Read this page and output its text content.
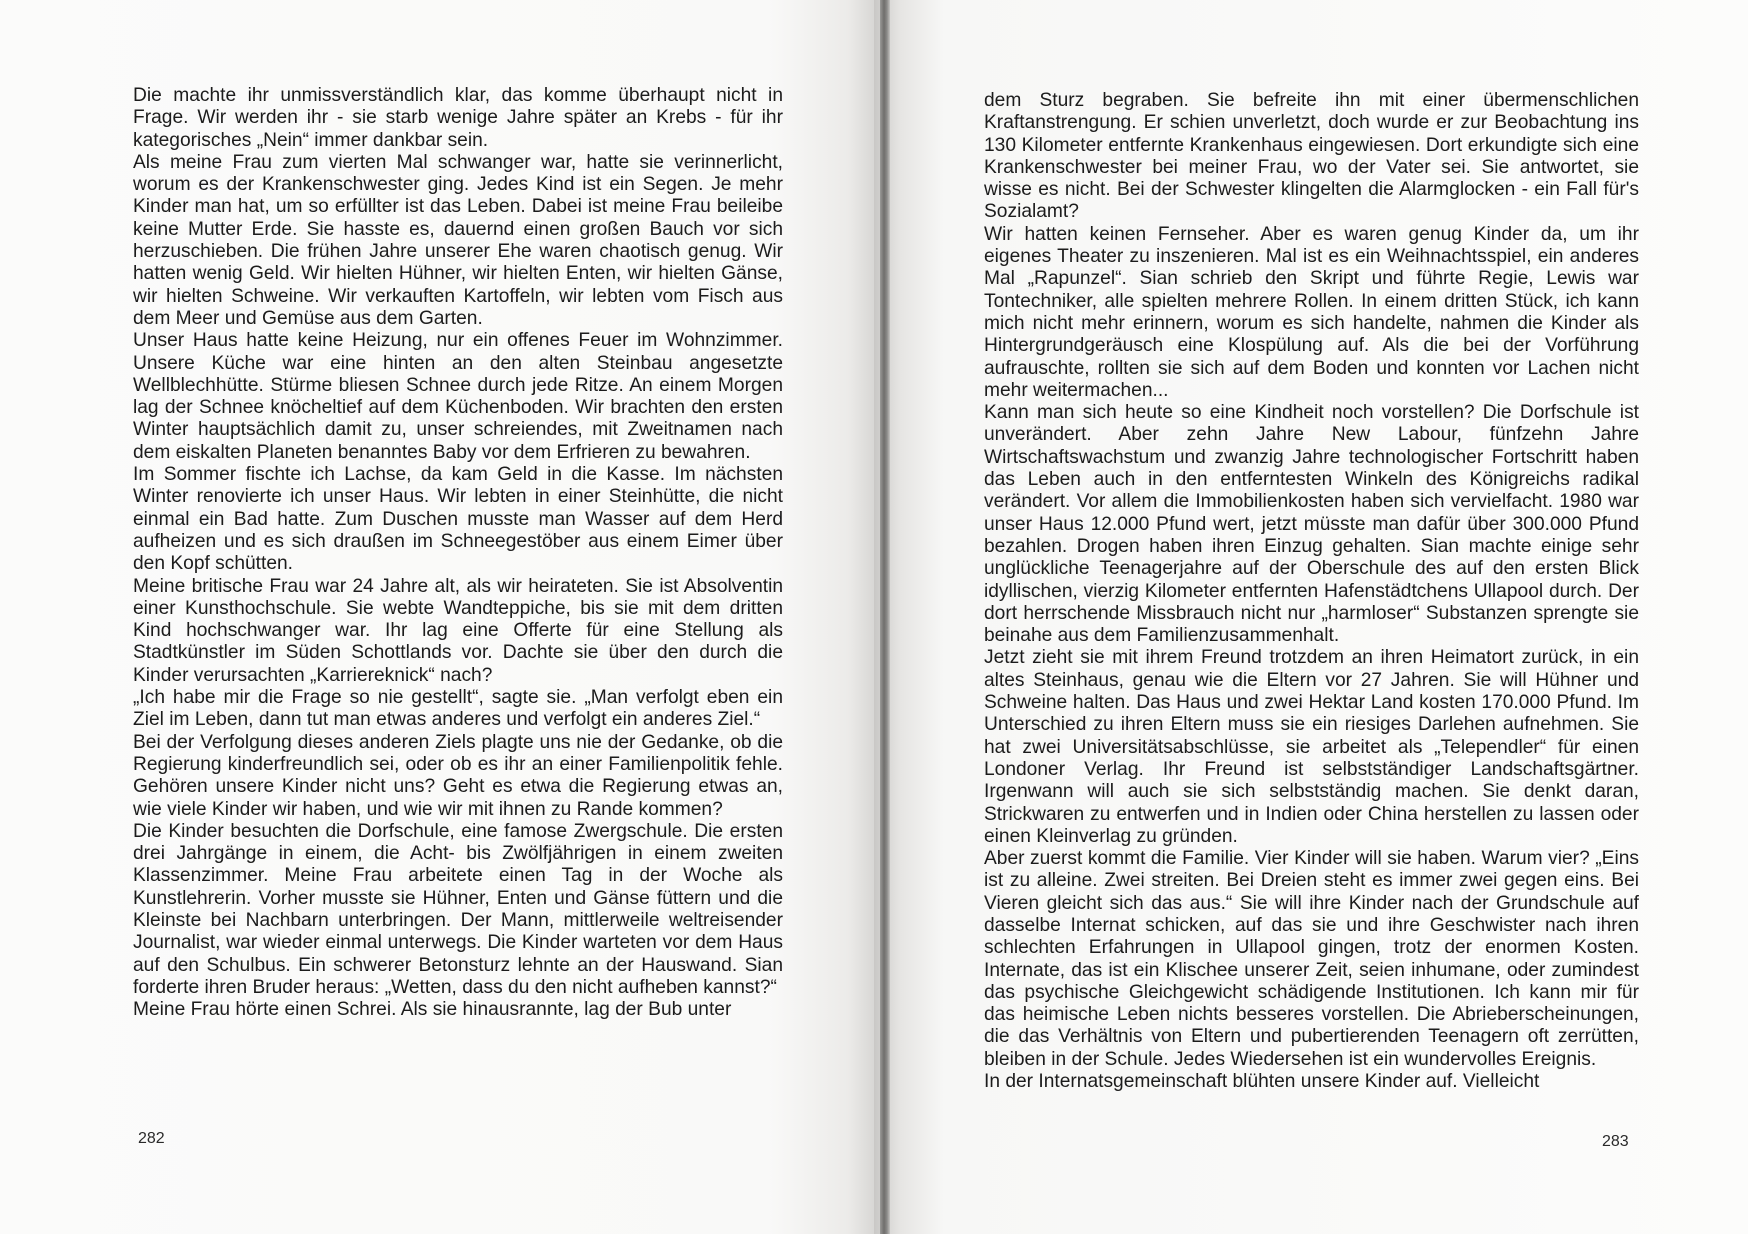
Die machte ihr unmissverständlich klar, das komme überhaupt nicht in Frage. Wir werden ihr - sie starb wenige Jahre später an Krebs - für ihr kategorisches „Nein“ immer dankbar sein.

Als meine Frau zum vierten Mal schwanger war, hatte sie verinnerlicht, worum es der Krankenschwester ging. Jedes Kind ist ein Segen. Je mehr Kinder man hat, um so erfüllter ist das Leben. Dabei ist meine Frau beileibe keine Mutter Erde. Sie hasste es, dauernd einen großen Bauch vor sich herzuschieben. Die frühen Jahre unserer Ehe waren chaotisch genug. Wir hatten wenig Geld. Wir hielten Hühner, wir hielten Enten, wir hielten Gänse, wir hielten Schweine. Wir verkauften Kartoffeln, wir lebten vom Fisch aus dem Meer und Gemüse aus dem Garten.

Unser Haus hatte keine Heizung, nur ein offenes Feuer im Wohnzimmer. Unsere Küche war eine hinten an den alten Steinbau angesetzte Wellblechhütte. Stürme bliesen Schnee durch jede Ritze. An einem Morgen lag der Schnee knöcheltief auf dem Küchenboden. Wir brachten den ersten Winter hauptsächlich damit zu, unser schreiendes, mit Zweitnamen nach dem eiskalten Planeten benanntes Baby vor dem Erfrieren zu bewahren.

Im Sommer fischte ich Lachse, da kam Geld in die Kasse. Im nächsten Winter renovierte ich unser Haus. Wir lebten in einer Steinhütte, die nicht einmal ein Bad hatte. Zum Duschen musste man Wasser auf dem Herd aufheizen und es sich draußen im Schneegestöber aus einem Eimer über den Kopf schütten.

Meine britische Frau war 24 Jahre alt, als wir heirateten. Sie ist Absolventin einer Kunsthochschule. Sie webte Wandteppiche, bis sie mit dem dritten Kind hochschwanger war. Ihr lag eine Offerte für eine Stellung als Stadtkünstler im Süden Schottlands vor. Dachte sie über den durch die Kinder verursachten „Karriereknick“ nach?

„Ich habe mir die Frage so nie gestellt“, sagte sie. „Man verfolgt eben ein Ziel im Leben, dann tut man etwas anderes und verfolgt ein anderes Ziel.“

Bei der Verfolgung dieses anderen Ziels plagte uns nie der Gedanke, ob die Regierung kinderfreundlich sei, oder ob es ihr an einer Familienpolitik fehle. Gehören unsere Kinder nicht uns? Geht es etwa die Regierung etwas an, wie viele Kinder wir haben, und wie wir mit ihnen zu Rande kommen?

Die Kinder besuchten die Dorfschule, eine famose Zwergschule. Die ersten drei Jahrgänge in einem, die Acht- bis Zwölfjährigen in einem zweiten Klassenzimmer. Meine Frau arbeitete einen Tag in der Woche als Kunstlehrerin. Vorher musste sie Hühner, Enten und Gänse füttern und die Kleinste bei Nachbarn unterbringen. Der Mann, mittlerweile weltreisender Journalist, war wieder einmal unterwegs. Die Kinder warteten vor dem Haus auf den Schulbus. Ein schwerer Betonsturz lehnte an der Hauswand. Sian forderte ihren Bruder heraus: „Wetten, dass du den nicht aufheben kannst?“

Meine Frau hörte einen Schrei. Als sie hinausrannte, lag der Bub unter

282

dem Sturz begraben. Sie befreite ihn mit einer übermenschlichen Kraftanstrengung. Er schien unverletzt, doch wurde er zur Beobachtung ins 130 Kilometer entfernte Krankenhaus eingewiesen. Dort erkundigte sich eine Krankenschwester bei meiner Frau, wo der Vater sei. Sie antwortet, sie wisse es nicht. Bei der Schwester klingelten die Alarmglocken - ein Fall für's Sozialamt?

Wir hatten keinen Fernseher. Aber es waren genug Kinder da, um ihr eigenes Theater zu inszenieren. Mal ist es ein Weihnachtsspiel, ein anderes Mal „Rapunzel“. Sian schrieb den Skript und führte Regie, Lewis war Tontechniker, alle spielten mehrere Rollen. In einem dritten Stück, ich kann mich nicht mehr erinnern, worum es sich handelte, nahmen die Kinder als Hintergrundgeräusch eine Klospülung auf. Als die bei der Vorführung aufrauschte, rollten sie sich auf dem Boden und konnten vor Lachen nicht mehr weitermachen...

Kann man sich heute so eine Kindheit noch vorstellen? Die Dorfschule ist unverändert. Aber zehn Jahre New Labour, fünfzehn Jahre Wirtschaftswachstum und zwanzig Jahre technologischer Fortschritt haben das Leben auch in den entferntesten Winkeln des Königreichs radikal verändert. Vor allem die Immobilienkosten haben sich vervielfacht. 1980 war unser Haus 12.000 Pfund wert, jetzt müsste man dafür über 300.000 Pfund bezahlen. Drogen haben ihren Einzug gehalten. Sian machte einige sehr unglückliche Teenagerjahre auf der Oberschule des auf den ersten Blick idyllischen, vierzig Kilometer entfernten Hafenstädtchens Ullapool durch. Der dort herrschende Missbrauch nicht nur „harmloser“ Substanzen sprengte sie beinahe aus dem Familienzusammenhalt.

Jetzt zieht sie mit ihrem Freund trotzdem an ihren Heimatort zurück, in ein altes Steinhaus, genau wie die Eltern vor 27 Jahren. Sie will Hühner und Schweine halten. Das Haus und zwei Hektar Land kosten 170.000 Pfund. Im Unterschied zu ihren Eltern muss sie ein riesiges Darlehen aufnehmen. Sie hat zwei Universitätsabschlüsse, sie arbeitet als „Telependler“ für einen Londoner Verlag. Ihr Freund ist selbstständiger Landschaftsgärtner. Irgenwann will auch sie sich selbstständig machen. Sie denkt daran, Strickwaren zu entwerfen und in Indien oder China herstellen zu lassen oder einen Kleinverlag zu gründen.

Aber zuerst kommt die Familie. Vier Kinder will sie haben. Warum vier? „Eins ist zu alleine. Zwei streiten. Bei Dreien steht es immer zwei gegen eins. Bei Vieren gleicht sich das aus.“ Sie will ihre Kinder nach der Grundschule auf dasselbe Internat schicken, auf das sie und ihre Geschwister nach ihren schlechten Erfahrungen in Ullapool gingen, trotz der enormen Kosten. Internate, das ist ein Klischee unserer Zeit, seien inhumane, oder zumindest das psychische Gleichgewicht schädigende Institutionen. Ich kann mir für das heimische Leben nichts besseres vorstellen. Die Abrieberscheinungen, die das Verhältnis von Eltern und pubertierenden Teenagern oft zerrütten, bleiben in der Schule. Jedes Wiedersehen ist ein wundervolles Ereignis.

In der Internatsgemeinschaft blühten unsere Kinder auf. Vielleicht

283
